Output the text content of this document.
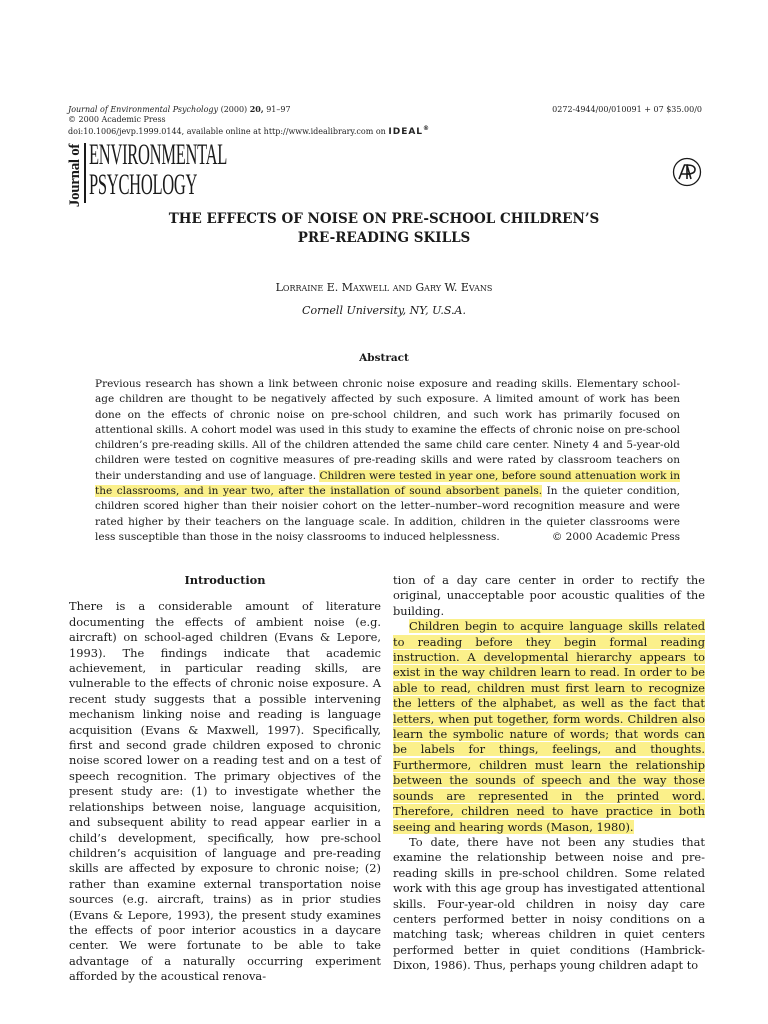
Journal of Environmental Psychology (2000) 20, 91–97
© 2000 Academic Press
doi:10.1006/jevp.1999.0144, available online at http://www.idealibrary.com on IDEAL®
0272-4944/00/010091 + 07 $35.00/0
Journal of ENVIRONMENTAL
PSYCHOLOGY
THE EFFECTS OF NOISE ON PRE-SCHOOL CHILDREN’S
PRE-READING SKILLS
Lorraine E. Maxwell and Gary W. Evans
Cornell University, NY, U.S.A.
Abstract
Previous research has shown a link between chronic noise exposure and reading skills. Elementary school-age children are thought to be negatively affected by such exposure. A limited amount of work has been done on the effects of chronic noise on pre-school children, and such work has primarily focused on attentional skills. A cohort model was used in this study to examine the effects of chronic noise on pre-school children’s pre-reading skills. All of the children attended the same child care center. Ninety 4 and 5-year-old children were tested on cognitive measures of pre-reading skills and were rated by classroom teachers on their understanding and use of language. Children were tested in year one, before sound attenuation work in the classrooms, and in year two, after the installation of sound absorbent panels. In the quieter condition, children scored higher than their noisier cohort on the letter–number–word recognition measure and were rated higher by their teachers on the language scale. In addition, children in the quieter classrooms were less susceptible than those in the noisy classrooms to induced helplessness.	© 2000 Academic Press
Introduction

There is a considerable amount of literature documenting the effects of ambient noise (e.g. aircraft) on school-aged children (Evans & Lepore, 1993). The findings indicate that academic achievement, in particular reading skills, are vulnerable to the effects of chronic noise exposure. A recent study suggests that a possible intervening mechanism linking noise and reading is language acquisition (Evans & Maxwell, 1997). Specifically, first and second grade children exposed to chronic noise scored lower on a reading test and on a test of speech recognition. The primary objectives of the present study are: (1) to investigate whether the relationships between noise, language acquisition, and subsequent ability to read appear earlier in a child’s development, specifically, how pre-school children’s acquisition of language and pre-reading skills are affected by exposure to chronic noise; (2) rather than examine external transportation noise sources (e.g. aircraft, trains) as in prior studies (Evans & Lepore, 1993), the present study examines the effects of poor interior acoustics in a daycare center. We were fortunate to be able to take advantage of a naturally occurring experiment afforded by the acoustical renova-

tion of a day care center in order to rectify the original, unacceptable poor acoustic qualities of the building.

Children begin to acquire language skills related to reading before they begin formal reading instruction. A developmental hierarchy appears to exist in the way children learn to read. In order to be able to read, children must first learn to recognize the letters of the alphabet, as well as the fact that letters, when put together, form words. Children also learn the symbolic nature of words; that words can be labels for things, feelings, and thoughts. Furthermore, children must learn the relationship between the sounds of speech and the way those sounds are represented in the printed word. Therefore, children need to have practice in both seeing and hearing words (Mason, 1980).

To date, there have not been any studies that examine the relationship between noise and pre-reading skills in pre-school children. Some related work with this age group has investigated attentional skills. Four-year-old children in noisy day care centers performed better in noisy conditions on a matching task; whereas children in quiet centers performed better in quiet conditions (Hambrick-Dixon, 1986). Thus, perhaps young children adapt to
